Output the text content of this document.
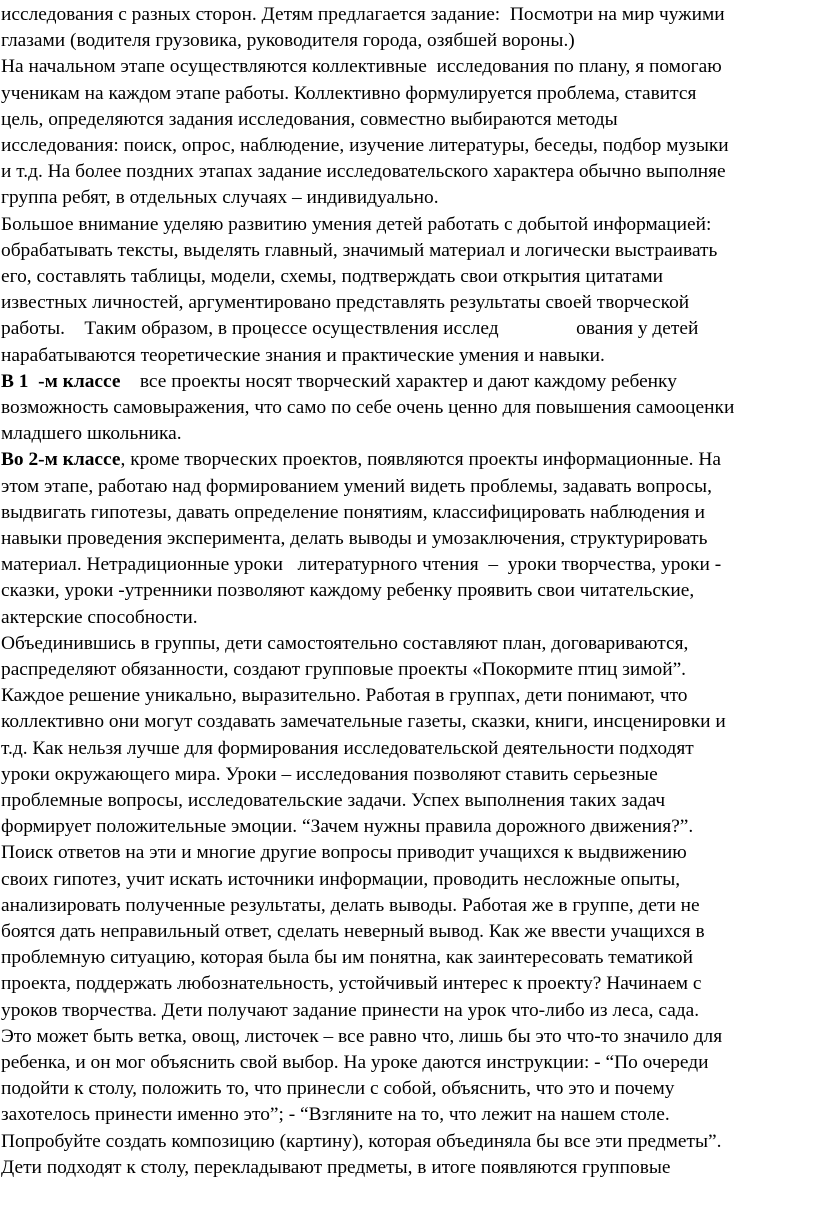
исследования с разных сторон. Детям предлагается задание:  Посмотри на мир чужими
глазами (водителя грузовика, руководителя города, озябшей вороны.)
На начальном этапе осуществляются коллективные  исследования по плану, я помогаю
ученикам на каждом этапе работы. Коллективно формулируется проблема, ставится
цель, определяются задания исследования, совместно выбираются методы
исследования: поиск, опрос, наблюдение, изучение литературы, беседы, подбор музыки
и т.д. На более поздних этапах задание исследовательского характера обычно выполняе
группа ребят, в отдельных случаях – индивидуально.
Большое внимание уделяю развитию умения детей работать с добытой информацией:
обрабатывать тексты, выделять главный, значимый материал и логически выстраивать
его, составлять таблицы, модели, схемы, подтверждать свои открытия цитатами
известных личностей, аргументировано представлять результаты своей творческой
работы.    Таким образом, в процессе осуществления исслед                ования у детей
нарабатываются теоретические знания и практические умения и навыки.
В 1  -м классе    все проекты носят творческий характер и дают каждому ребенку
возможность самовыражения, что само по себе очень ценно для повышения самооценки
младшего школьника.
Во 2-м классе, кроме творческих проектов, появляются проекты информационные. На
этом этапе, работаю над формированием умений видеть проблемы, задавать вопросы,
выдвигать гипотезы, давать определение понятиям, классифицировать наблюдения и
навыки проведения эксперимента, делать выводы и умозаключения, структурировать
материал. Нетрадиционные уроки   литературного чтения  –  уроки творчества, уроки -
сказки, уроки -утренники позволяют каждому ребенку проявить свои читательские,
актерские способности.
Объединившись в группы, дети самостоятельно составляют план, договариваются,
распределяют обязанности, создают групповые проекты «Покормите птиц зимой”.
Каждое решение уникально, выразительно. Работая в группах, дети понимают, что
коллективно они могут создавать замечательные газеты, сказки, книги, инсценировки и
т.д. Как нельзя лучше для формирования исследовательской деятельности подходят
уроки окружающего мира. Уроки – исследования позволяют ставить серьезные
проблемные вопросы, исследовательские задачи. Успех выполнения таких задач
формирует положительные эмоции. “Зачем нужны правила дорожного движения?”.
Поиск ответов на эти и многие другие вопросы приводит учащихся к выдвижению
своих гипотез, учит искать источники информации, проводить несложные опыты,
анализировать полученные результаты, делать выводы. Работая же в группе, дети не
боятся дать неправильный ответ, сделать неверный вывод. Как же ввести учащихся в
проблемную ситуацию, которая была бы им понятна, как заинтересовать тематикой
проекта, поддержать любознательность, устойчивый интерес к проекту? Начинаем с
уроков творчества. Дети получают задание принести на урок что-либо из леса, сада.
Это может быть ветка, овощ, листочек – все равно что, лишь бы это что-то значило для
ребенка, и он мог объяснить свой выбор. На уроке даются инструкции: - “По очереди
подойти к столу, положить то, что принесли с собой, объяснить, что это и почему
захотелось принести именно это”; - “Взгляните на то, что лежит на нашем столе.
Попробуйте создать композицию (картину), которая объединяла бы все эти предметы”.
Дети подходят к столу, перекладывают предметы, в итоге появляются групповые
